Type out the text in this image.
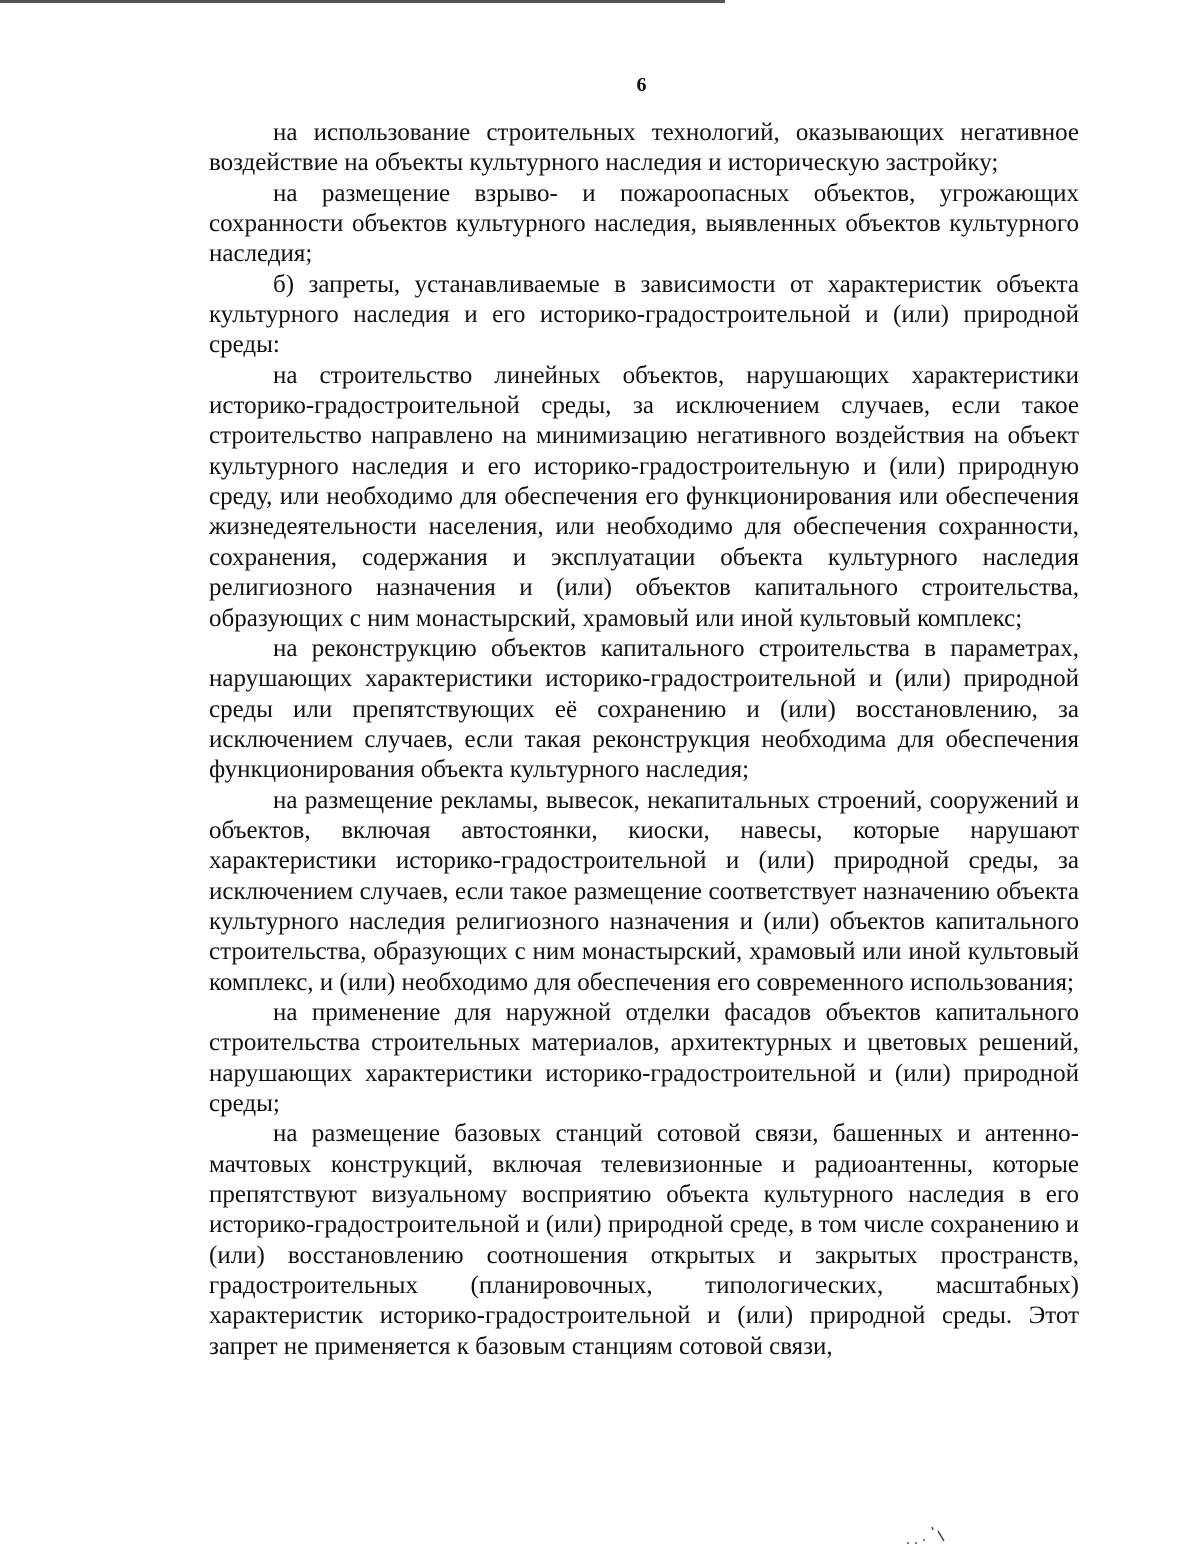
6

на использование строительных технологий, оказывающих негативное воздействие на объекты культурного наследия и историческую застройку;

на размещение взрыво- и пожароопасных объектов, угрожающих сохранности объектов культурного наследия, выявленных объектов культурного наследия;

б) запреты, устанавливаемые в зависимости от характеристик объекта культурного наследия и его историко-градостроительной и (или) природной среды:

на строительство линейных объектов, нарушающих характеристики историко-градостроительной среды, за исключением случаев, если такое строительство направлено на минимизацию негативного воздействия на объект культурного наследия и его историко-градостроительную и (или) природную среду, или необходимо для обеспечения его функционирования или обеспечения жизнедеятельности населения, или необходимо для обеспечения сохранности, сохранения, содержания и эксплуатации объекта культурного наследия религиозного назначения и (или) объектов капитального строительства, образующих с ним монастырский, храмовый или иной культовый комплекс;

на реконструкцию объектов капитального строительства в параметрах, нарушающих характеристики историко-градостроительной и (или) природной среды или препятствующих её сохранению и (или) восстановлению, за исключением случаев, если такая реконструкция необходима для обеспечения функционирования объекта культурного наследия;

на размещение рекламы, вывесок, некапитальных строений, сооружений и объектов, включая автостоянки, киоски, навесы, которые нарушают характеристики историко-градостроительной и (или) природной среды, за исключением случаев, если такое размещение соответствует назначению объекта культурного наследия религиозного назначения и (или) объектов капитального строительства, образующих с ним монастырский, храмовый или иной культовый комплекс, и (или) необходимо для обеспечения его современного использования;

на применение для наружной отделки фасадов объектов капитального строительства строительных материалов, архитектурных и цветовых решений, нарушающих характеристики историко-градостроительной и (или) природной среды;

на размещение базовых станций сотовой связи, башенных и антенно-мачтовых конструкций, включая телевизионные и радиоантенны, которые препятствуют визуальному восприятию объекта культурного наследия в его историко-градостроительной и (или) природной среде, в том числе сохранению и (или) восстановлению соотношения открытых и закрытых пространств, градостроительных (планировочных, типологических, масштабных) характеристик историко-градостроительной и (или) природной среды. Этот запрет не применяется к базовым станциям сотовой связи,
